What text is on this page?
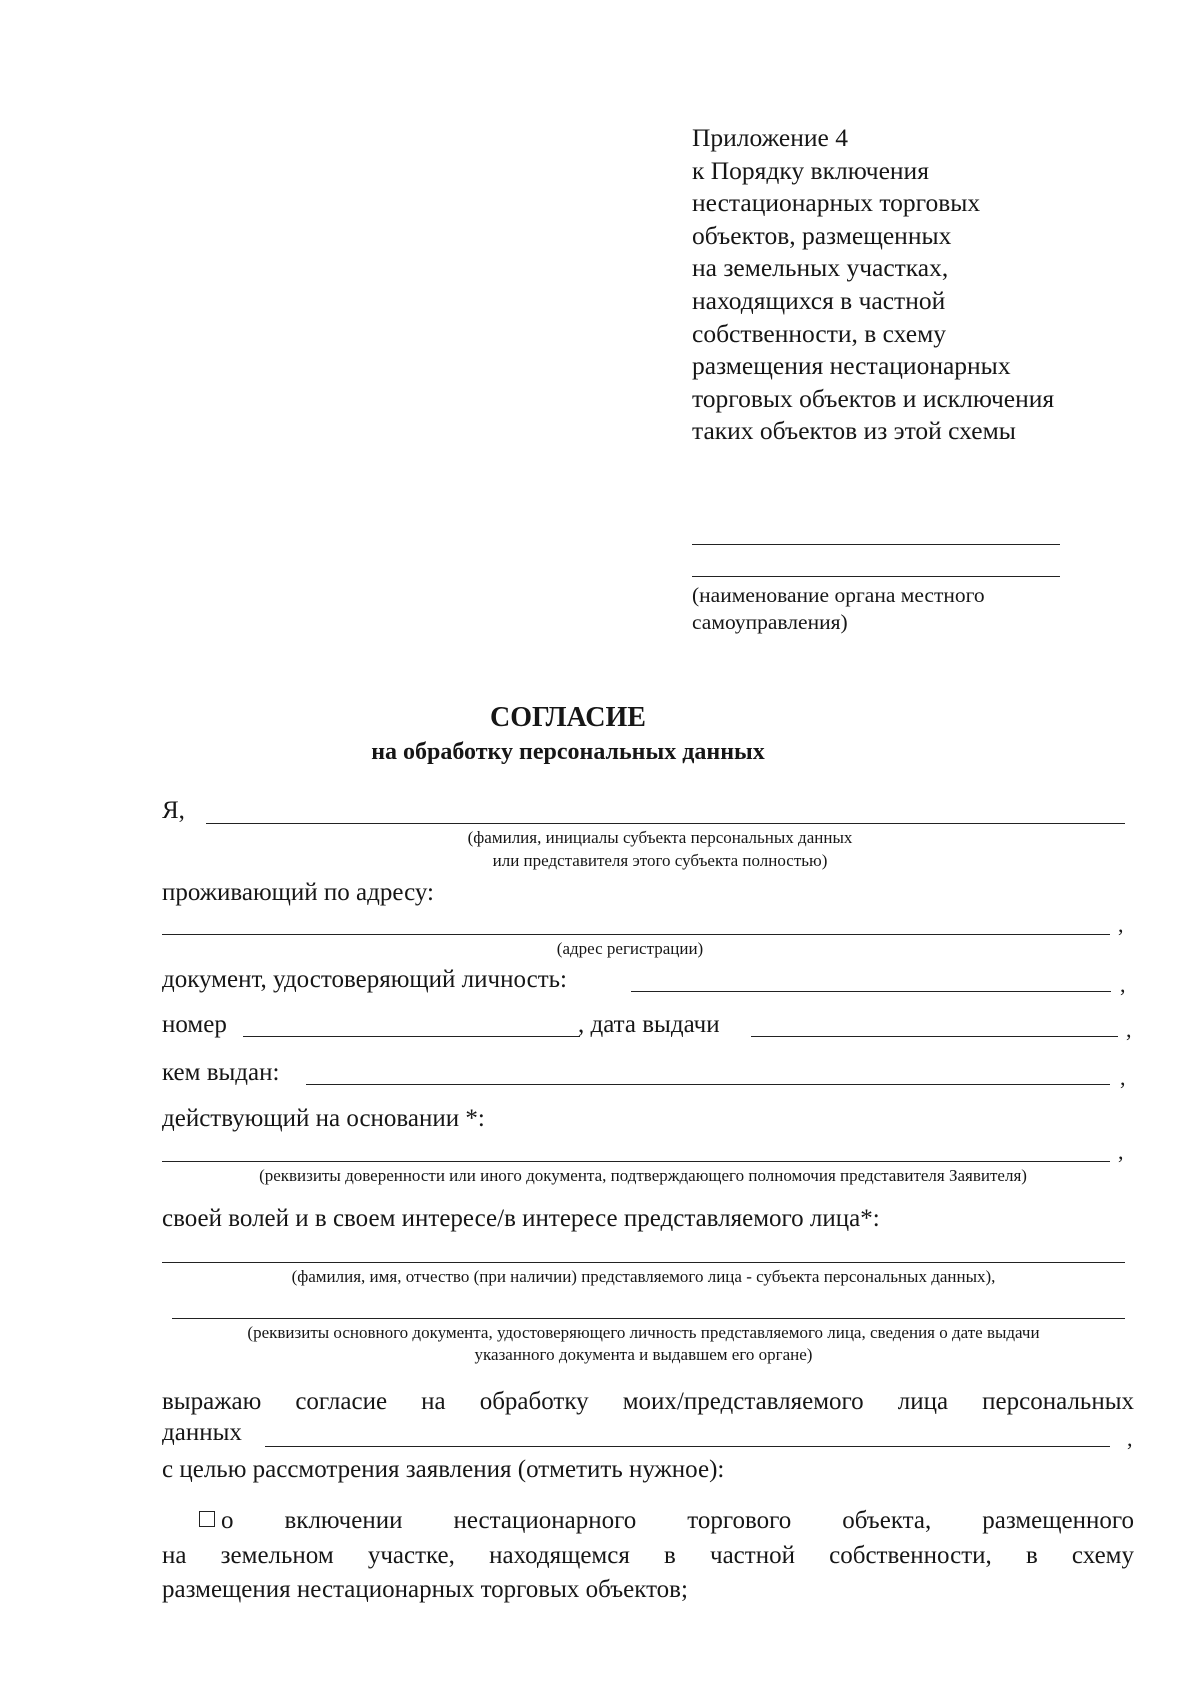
Приложение 4
к Порядку включения
нестационарных торговых
объектов, размещенных
на земельных участках,
находящихся в частной
собственности, в схему
размещения нестационарных
торговых объектов и исключения
таких объектов из этой схемы
(наименование органа местного
самоуправления)
СОГЛАСИЕ
на обработку персональных данных
Я,
(фамилия, инициалы субъекта персональных данных
или представителя этого субъекта полностью)
проживающий по адресу:
,
(адрес регистрации)
документ, удостоверяющий личность:	,
номер	, дата выдачи	,
кем выдан:	,
действующий на основании *:
,
(реквизиты доверенности или иного документа, подтверждающего полномочия представителя Заявителя)
своей волей и в своем интересе/в интересе представляемого лица*:
(фамилия, имя, отчество (при наличии) представляемого лица - субъекта персональных данных),
(реквизиты основного документа, удостоверяющего личность представляемого лица, сведения о дате выдачи
указанного документа и выдавшем его органе)
выражаю согласие на обработку моих/представляемого лица персональных
данных	,
с целью рассмотрения заявления (отметить нужное):
о включении нестационарного торгового объекта, размещенного
на земельном участке, находящемся в частной собственности, в схему
размещения нестационарных торговых объектов;
